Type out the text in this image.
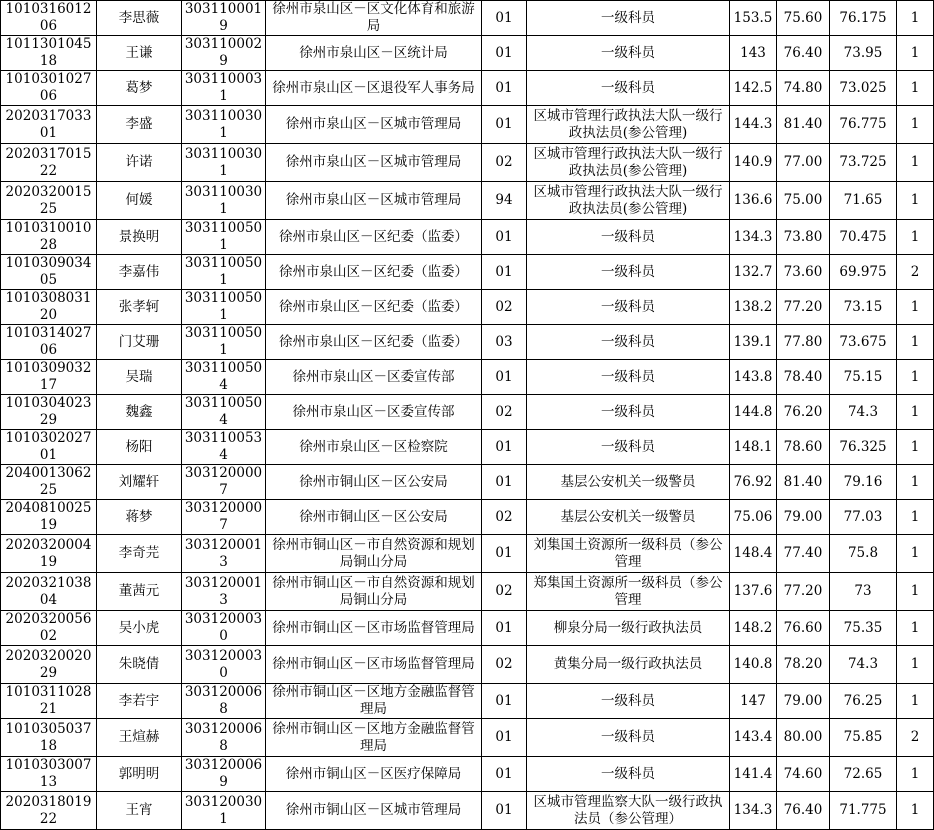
101031601206	李思薇	3031100019	徐州市泉山区－区文化体育和旅游局	01	一级科员	153.5	75.60	76.175	1
101130104518	王谦	3031100029	徐州市泉山区－区统计局	01	一级科员	143	76.40	73.95	1
101030102706	葛梦	3031100031	徐州市泉山区－区退役军人事务局	01	一级科员	142.5	74.80	73.025	1
202031703301	李盛	3031100301	徐州市泉山区－区城市管理局	01	区城市管理行政执法大队一级行政执法员(参公管理)	144.3	81.40	76.775	1
202031701522	许诺	3031100301	徐州市泉山区－区城市管理局	02	区城市管理行政执法大队一级行政执法员(参公管理)	140.9	77.00	73.725	1
202032001525	何媛	3031100301	徐州市泉山区－区城市管理局	94	区城市管理行政执法大队一级行政执法员(参公管理)	136.6	75.00	71.65	1
101031001028	景换明	3031100501	徐州市泉山区－区纪委（监委）	01	一级科员	134.3	73.80	70.475	1
101030903405	李嘉伟	3031100501	徐州市泉山区－区纪委（监委）	01	一级科员	132.7	73.60	69.975	2
101030803120	张孝轲	3031100501	徐州市泉山区－区纪委（监委）	02	一级科员	138.2	77.20	73.15	1
101031402706	门艾珊	3031100501	徐州市泉山区－区纪委（监委）	03	一级科员	139.1	77.80	73.675	1
101030903217	吴瑞	3031100504	徐州市泉山区－区委宣传部	01	一级科员	143.8	78.40	75.15	1
101030402329	魏鑫	3031100504	徐州市泉山区－区委宣传部	02	一级科员	144.8	76.20	74.3	1
101030202701	杨阳	3031100534	徐州市泉山区－区检察院	01	一级科员	148.1	78.60	76.325	1
204001306225	刘耀轩	3031200007	徐州市铜山区－区公安局	01	基层公安机关一级警员	76.92	81.40	79.16	1
204081002519	蒋梦	3031200007	徐州市铜山区－区公安局	02	基层公安机关一级警员	75.06	79.00	77.03	1
202032000419	李奇芫	3031200013	徐州市铜山区－市自然资源和规划局铜山分局	01	刘集国土资源所一级科员（参公管理	148.4	77.40	75.8	1
202032103804	董茜元	3031200013	徐州市铜山区－市自然资源和规划局铜山分局	02	郑集国土资源所一级科员（参公管理	137.6	77.20	73	1
202032005602	吴小虎	3031200030	徐州市铜山区－区市场监督管理局	01	柳泉分局一级行政执法员	148.2	76.60	75.35	1
202032002029	朱晓倩	3031200030	徐州市铜山区－区市场监督管理局	02	黄集分局一级行政执法员	140.8	78.20	74.3	1
101031102821	李若宇	3031200068	徐州市铜山区－区地方金融监督管理局	01	一级科员	147	79.00	76.25	1
101030503718	王煊赫	3031200068	徐州市铜山区－区地方金融监督管理局	01	一级科员	143.4	80.00	75.85	2
101030300713	郭明明	3031200069	徐州市铜山区－区医疗保障局	01	一级科员	141.4	74.60	72.65	1
202031801922	王宵	3031200301	徐州市铜山区－区城市管理局	01	区城市管理监察大队一级行政执法员（参公管理）	134.3	76.40	71.775	1
